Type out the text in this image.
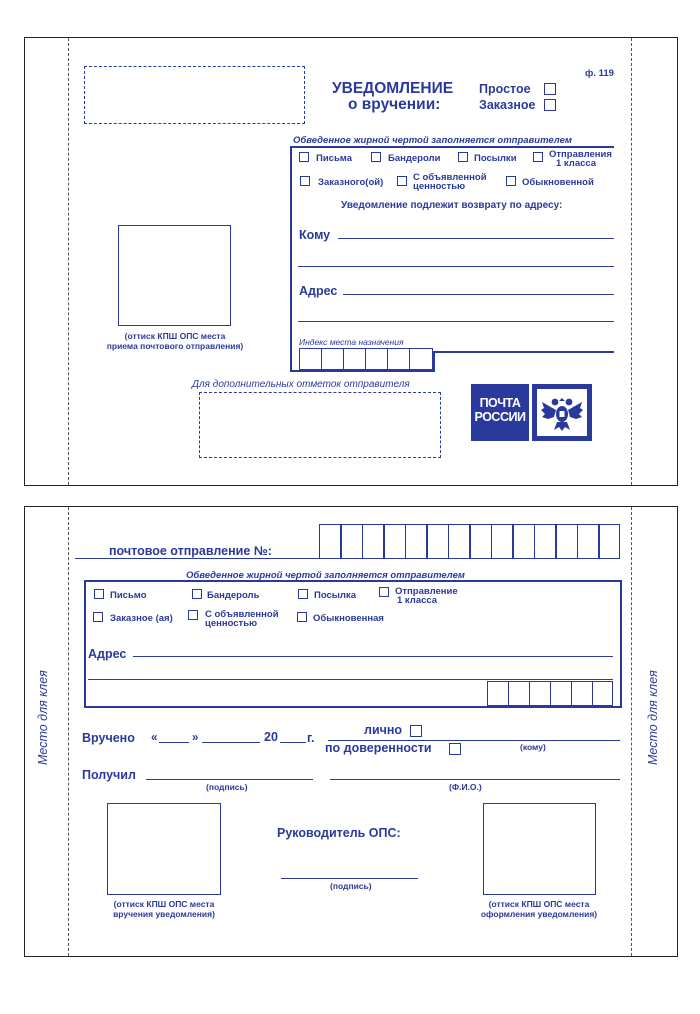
УВЕДОМЛЕНИЕ
о вручении:
Простое
Заказное
ф. 119
Обведенное жирной чертой заполняется отправителем
Письма	Бандероли	Посылки	Отправления
1 класса
Заказного(ой)	С объявленной
ценностью	Обыкновенной
Уведомление подлежит возврату по адресу:
Кому
Адрес
Индекс места назначения
(оттиск КПШ ОПС места
приема почтового отправления)
Для дополнительных отметок отправителя
ПОЧТА
РОССИИ
Место для клея	Место для клея
почтовое отправление №:
Обведенное жирной чертой заполняется отправителем
Письмо	Бандероль	Посылка	Отправление
1 класса
Заказное (ая)	С объявленной
ценностью	Обыкновенная
Адрес
Вручено «	»	20 г.
лично
по доверенности	(кому)
Получил
(подпись)	(Ф.И.О.)
(оттиск КПШ ОПС места
вручения уведомления)
Руководитель ОПС:
(подпись)
(оттиск КПШ ОПС места
оформления уведомления)
